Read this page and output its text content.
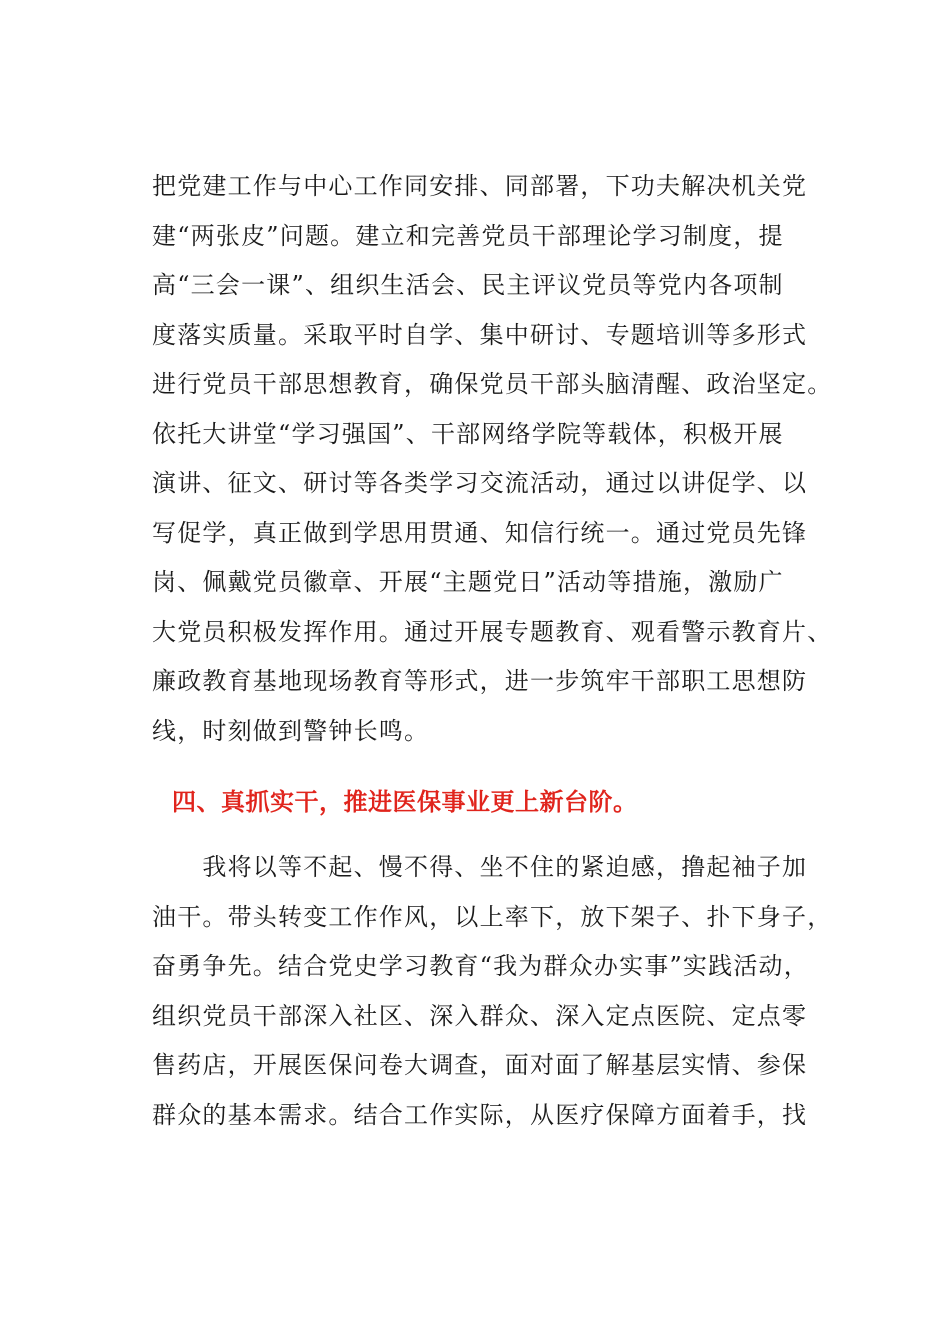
把党建工作与中心工作同安排、同部署，下功夫解决机关党
建“两张皮”问题。建立和完善党员干部理论学习制度，提
高“三会一课”、组织生活会、民主评议党员等党内各项制
度落实质量。采取平时自学、集中研讨、专题培训等多形式
进行党员干部思想教育，确保党员干部头脑清醒、政治坚定。
依托大讲堂“学习强国”、干部网络学院等载体，积极开展
演讲、征文、研讨等各类学习交流活动，通过以讲促学、以
写促学，真正做到学思用贯通、知信行统一。通过党员先锋
岗、佩戴党员徽章、开展“主题党日”活动等措施，激励广
大党员积极发挥作用。通过开展专题教育、观看警示教育片、
廉政教育基地现场教育等形式，进一步筑牢干部职工思想防
线，时刻做到警钟长鸣。
四、真抓实干，推进医保事业更上新台阶。
　　我将以等不起、慢不得、坐不住的紧迫感，撸起袖子加
油干。带头转变工作作风，以上率下，放下架子、扑下身子，
奋勇争先。结合党史学习教育“我为群众办实事”实践活动，
组织党员干部深入社区、深入群众、深入定点医院、定点零
售药店，开展医保问卷大调查，面对面了解基层实情、参保
群众的基本需求。结合工作实际，从医疗保障方面着手，找
